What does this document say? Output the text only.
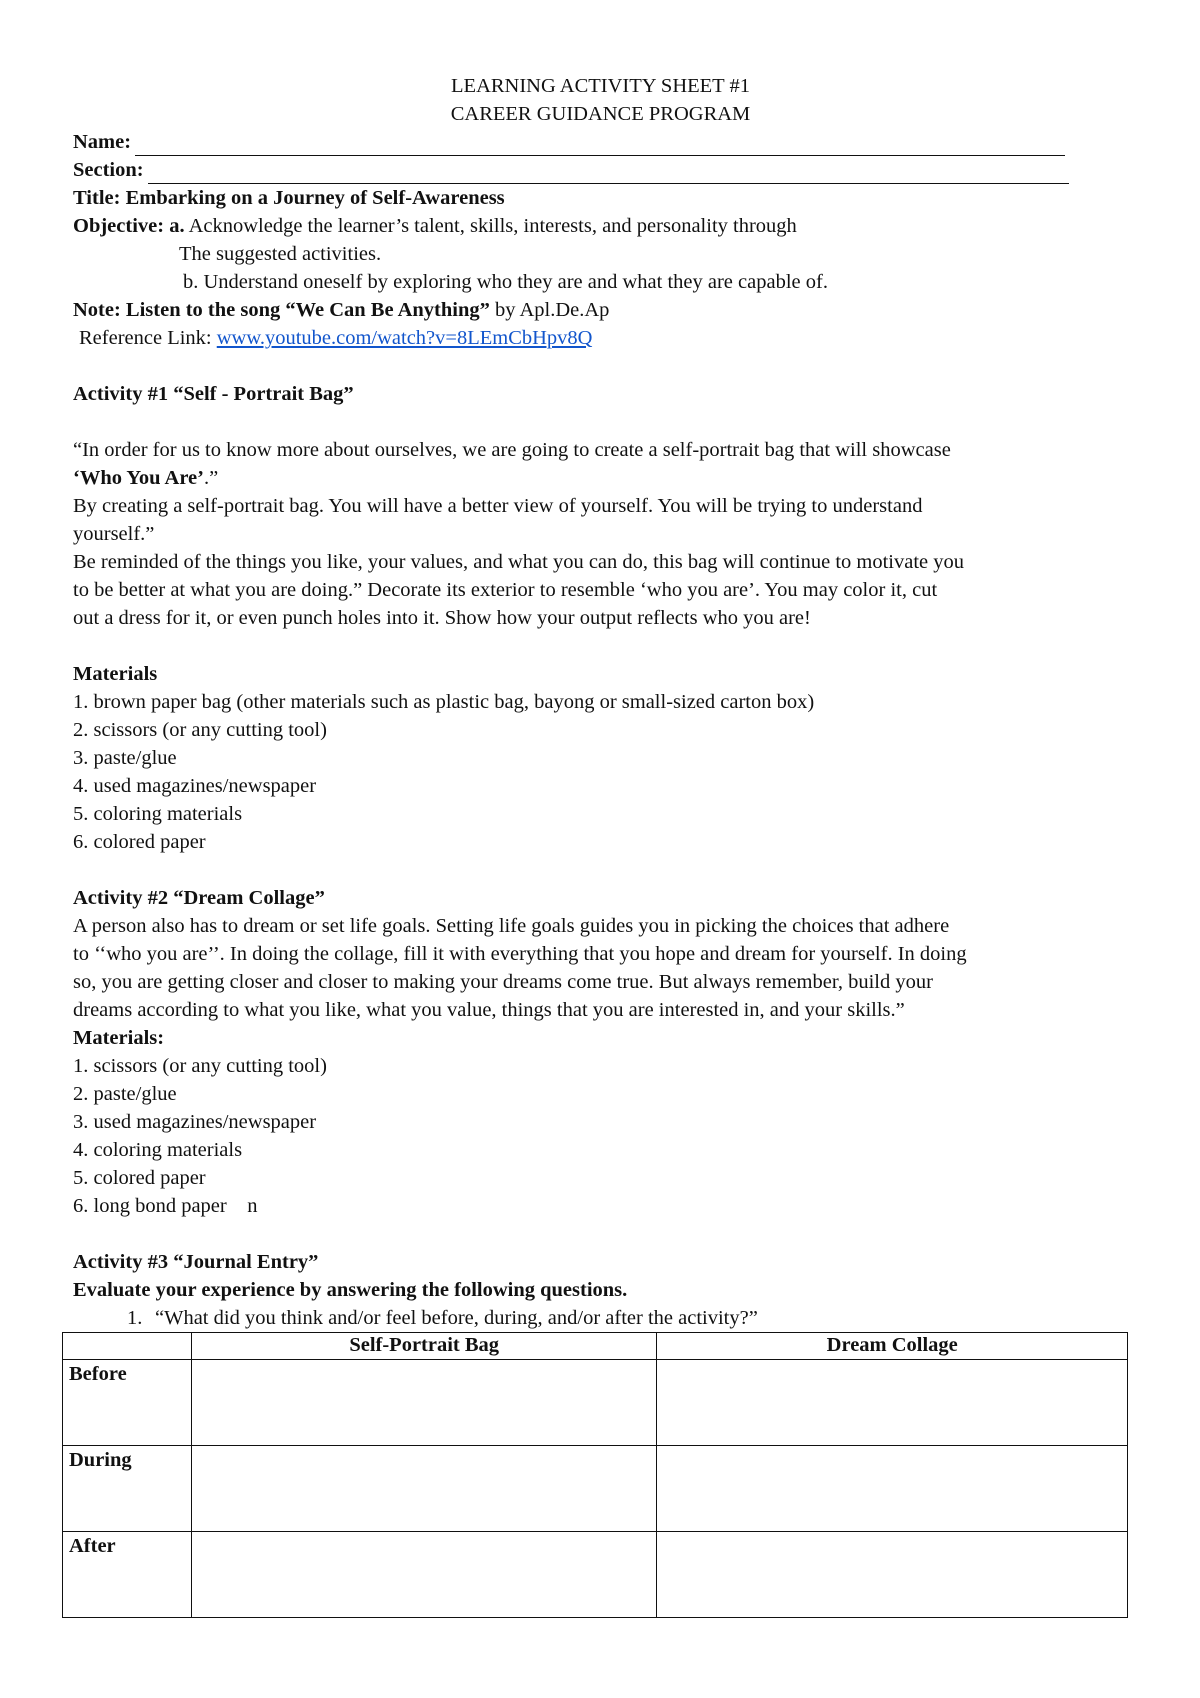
LEARNING ACTIVITY SHEET #1
CAREER GUIDANCE PROGRAM
Name:
Section:
Title: Embarking on a Journey of Self-Awareness
Objective: a. Acknowledge the learner’s talent, skills, interests, and personality through
The suggested activities.
b. Understand oneself by exploring who they are and what they are capable of.
Note: Listen to the song “We Can Be Anything” by Apl.De.Ap
Reference Link: www.youtube.com/watch?v=8LEmCbHpv8Q
Activity #1 “Self - Portrait Bag”
“In order for us to know more about ourselves, we are going to create a self-portrait bag that will showcase
‘Who You Are’.”
By creating a self-portrait bag. You will have a better view of yourself. You will be trying to understand
yourself.”
Be reminded of the things you like, your values, and what you can do, this bag will continue to motivate you
to be better at what you are doing.” Decorate its exterior to resemble ‘who you are’. You may color it, cut
out a dress for it, or even punch holes into it. Show how your output reflects who you are!
Materials
1. brown paper bag (other materials such as plastic bag, bayong or small-sized carton box)
2. scissors (or any cutting tool)
3. paste/glue
4. used magazines/newspaper
5. coloring materials
6. colored paper
Activity #2 “Dream Collage”
A person also has to dream or set life goals. Setting life goals guides you in picking the choices that adhere
to ‘‘who you are’’. In doing the collage, fill it with everything that you hope and dream for yourself. In doing
so, you are getting closer and closer to making your dreams come true. But always remember, build your
dreams according to what you like, what you value, things that you are interested in, and your skills.”
Materials:
1. scissors (or any cutting tool)
2. paste/glue
3. used magazines/newspaper
4. coloring materials
5. colored paper
6. long bond paper    n
Activity #3 “Journal Entry”
Evaluate your experience by answering the following questions.
1. “What did you think and/or feel before, during, and/or after the activity?”
	Self-Portrait Bag	Dream Collage
Before		
During		
After		
